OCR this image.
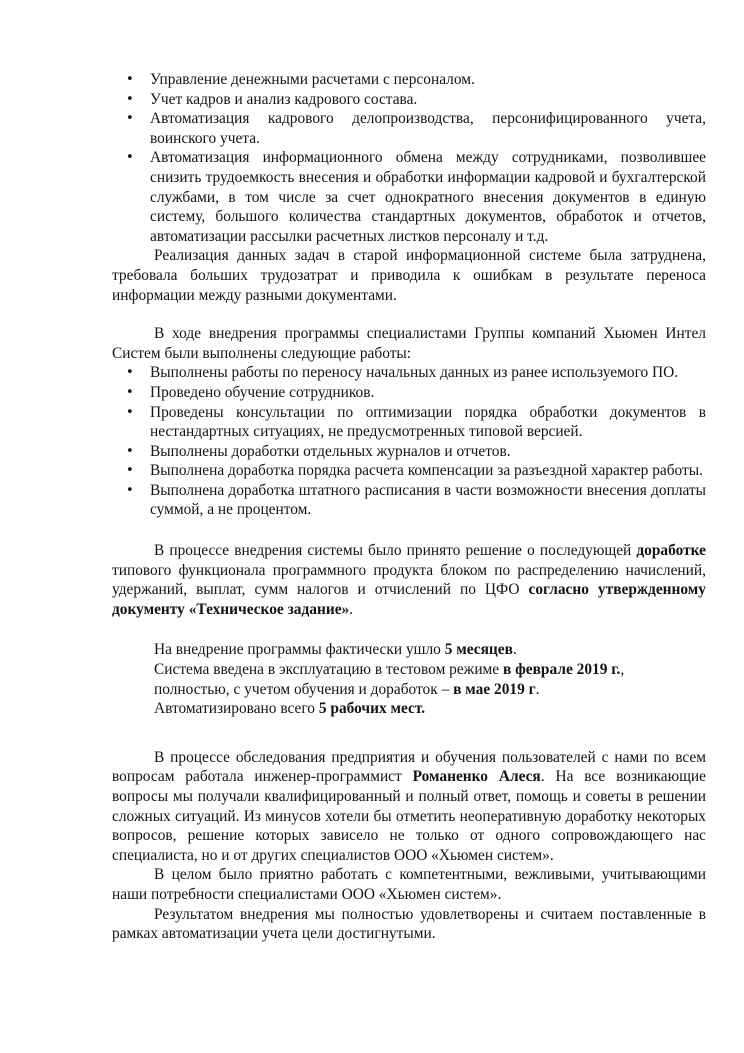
·
• Управление денежными расчетами с персоналом.
• Учет кадров и анализ кадрового состава.
• Автоматизация кадрового делопроизводства, персонифицированного учета, воинского учета.
• Автоматизация информационного обмена между сотрудниками, позволившее снизить трудоемкость внесения и обработки информации кадровой и бухгалтерской службами, в том числе за счет однократного внесения документов в единую систему, большого количества стандартных документов, обработок и отчетов, автоматизации рассылки расчетных листков персоналу и т.д.

Реализация данных задач в старой информационной системе была затруднена, требовала больших трудозатрат и приводила к ошибкам в результате переноса информации между разными документами.

В ходе внедрения программы специалистами Группы компаний Хьюмен Интел Систем были выполнены следующие работы:

• Выполнены работы по переносу начальных данных из ранее используемого ПО.
• Проведено обучение сотрудников.
• Проведены консультации по оптимизации порядка обработки документов в нестандартных ситуациях, не предусмотренных типовой версией.
• Выполнены доработки отдельных журналов и отчетов.
• Выполнена доработка порядка расчета компенсации за разъездной характер работы.
• Выполнена доработка штатного расписания в части возможности внесения доплаты суммой, а не процентом.

В процессе внедрения системы было принято решение о последующей доработке типового функционала программного продукта блоком по распределению начислений, удержаний, выплат, сумм налогов и отчислений по ЦФО согласно утвержденному документу «Техническое задание».

На внедрение программы фактически ушло 5 месяцев.
Система введена в эксплуатацию в тестовом режиме в феврале 2019 г.,
полностью, с учетом обучения и доработок – в мае 2019 г.
Автоматизировано всего 5 рабочих мест.

В процессе обследования предприятия и обучения пользователей с нами по всем вопросам работала инженер-программист Романенко Алеся. На все возникающие вопросы мы получали квалифицированный и полный ответ, помощь и советы в решении сложных ситуаций. Из минусов хотели бы отметить неоперативную доработку некоторых вопросов, решение которых зависело не только от одного сопровождающего нас специалиста, но и от других специалистов ООО «Хьюмен систем».

В целом было приятно работать с компетентными, вежливыми, учитывающими наши потребности специалистами ООО «Хьюмен систем».

Результатом внедрения мы полностью удовлетворены и считаем поставленные в рамках автоматизации учета цели достигнутыми.
